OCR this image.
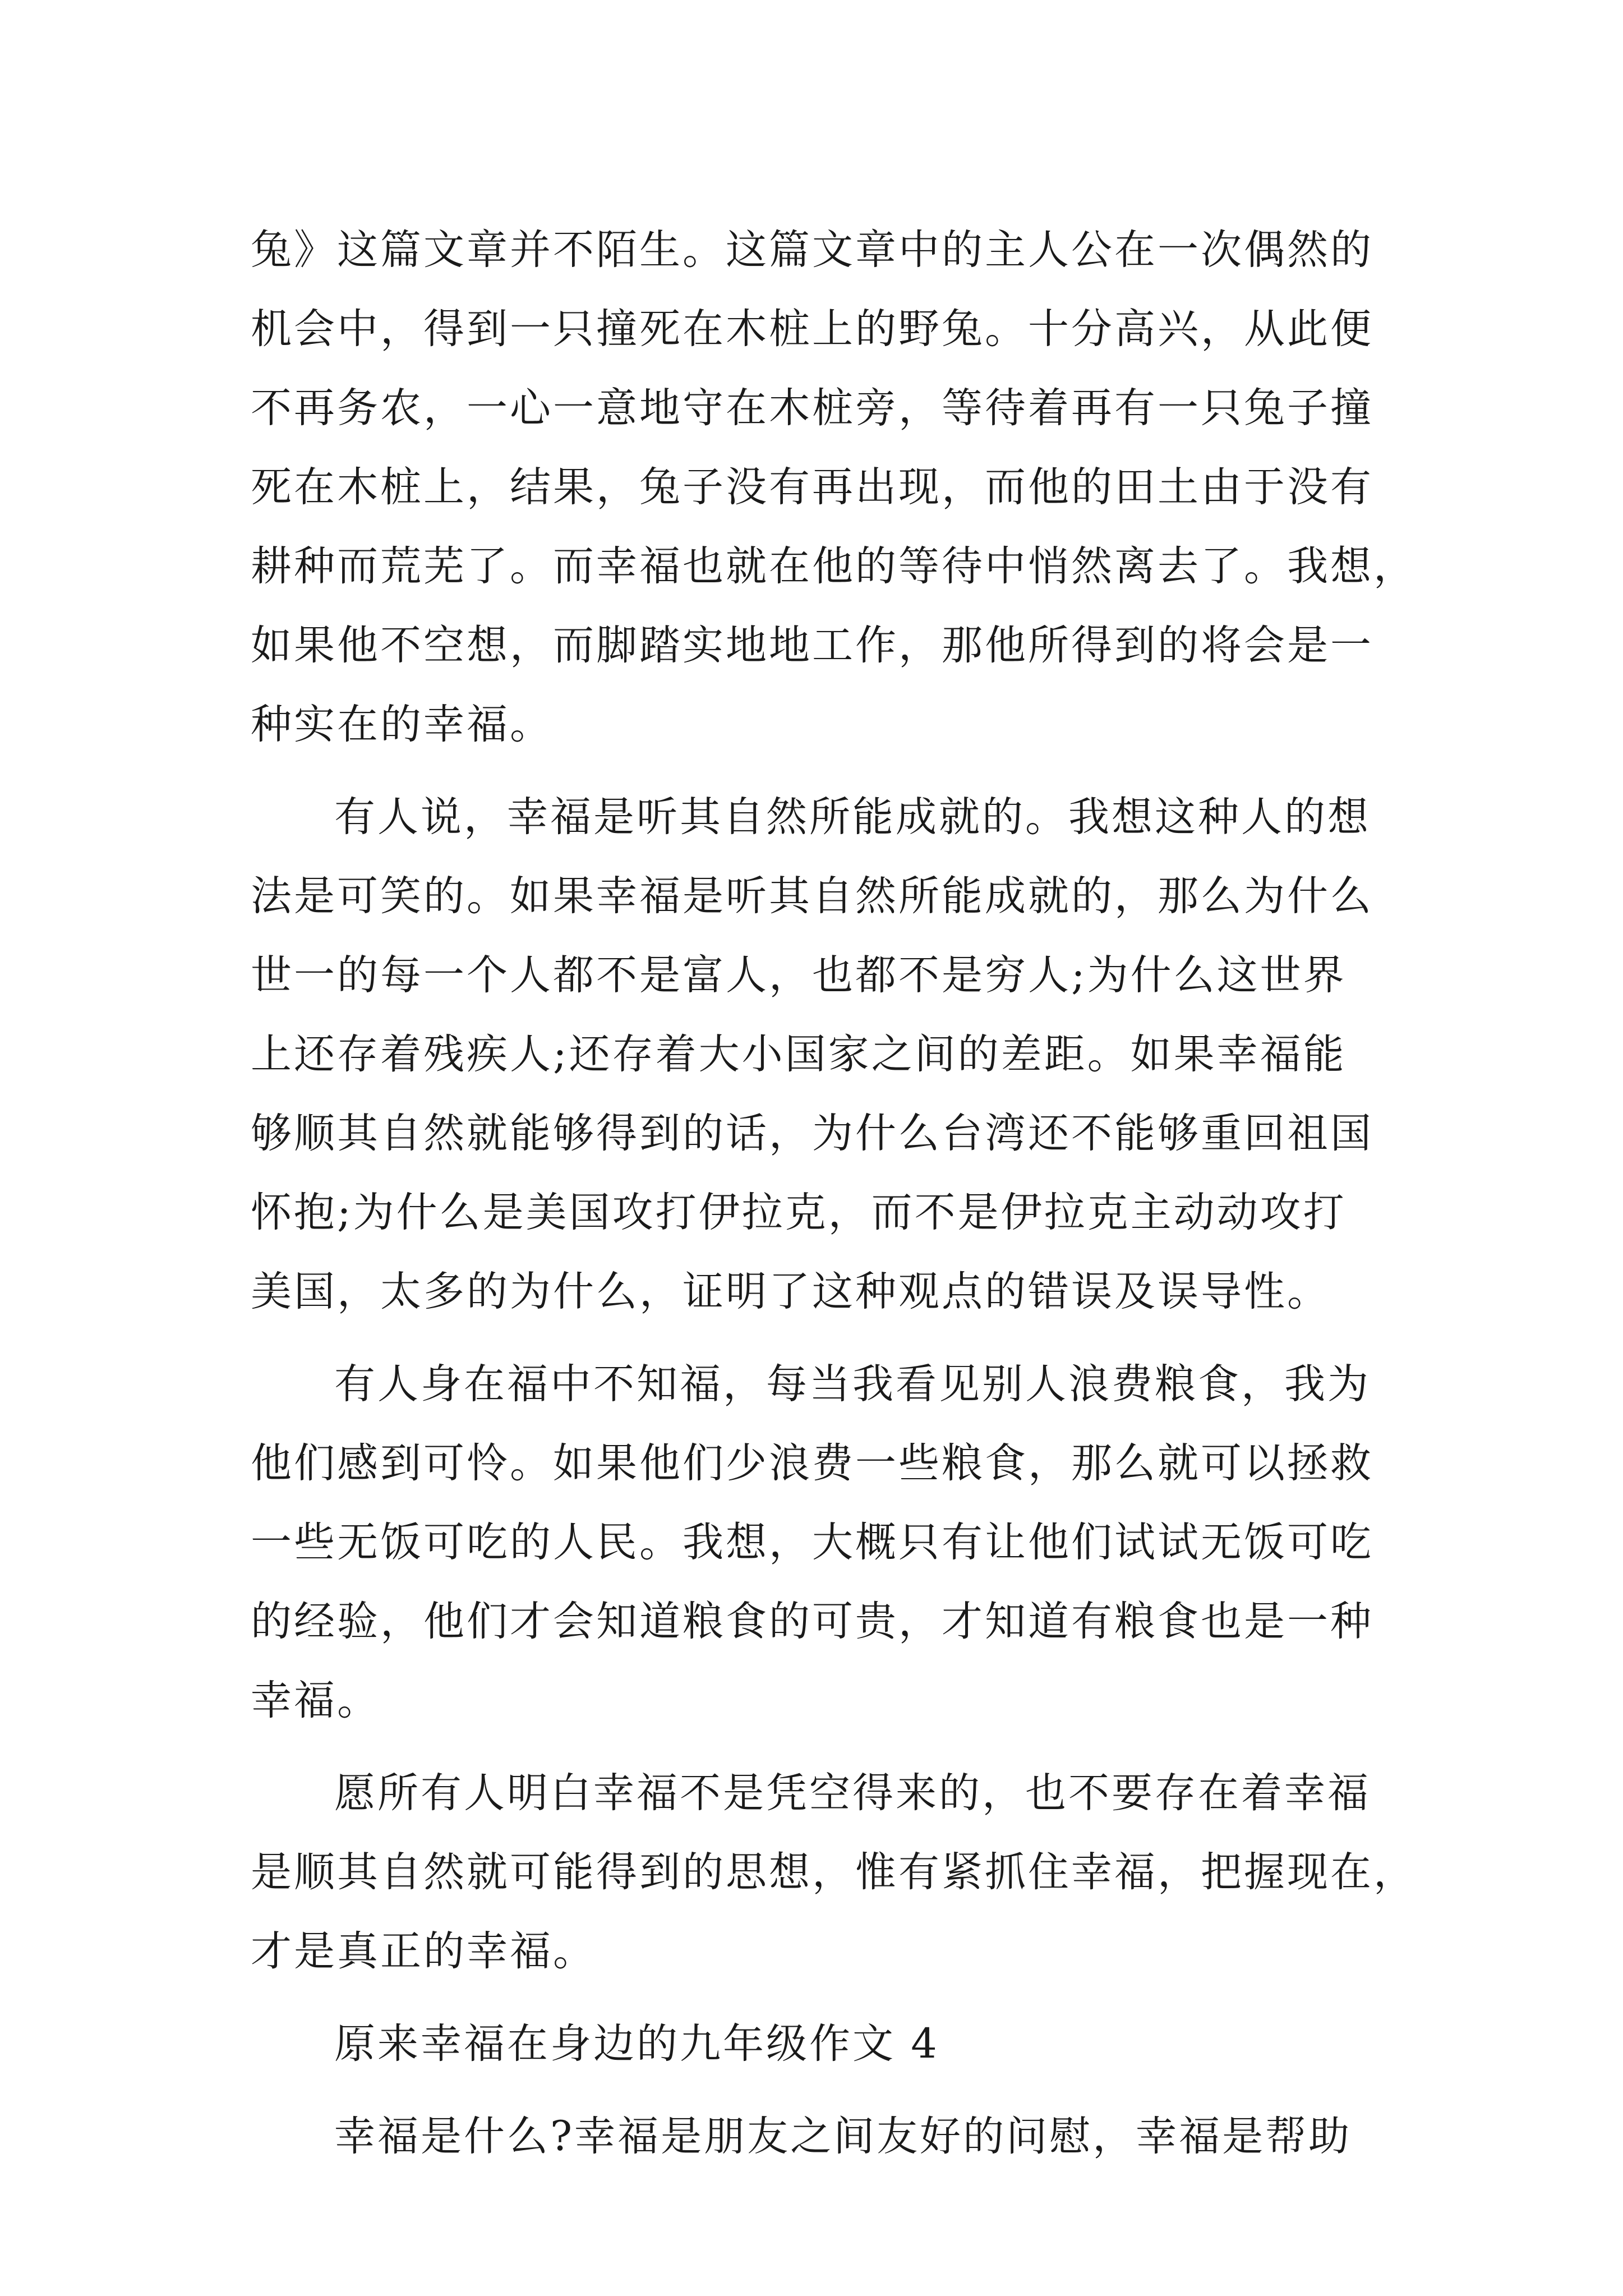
兔》这篇文章并不陌生。这篇文章中的主人公在一次偶然的
机会中，得到一只撞死在木桩上的野兔。十分高兴，从此便
不再务农，一心一意地守在木桩旁，等待着再有一只兔子撞
死在木桩上，结果，兔子没有再出现，而他的田土由于没有
耕种而荒芜了。而幸福也就在他的等待中悄然离去了。我想，
如果他不空想，而脚踏实地地工作，那他所得到的将会是一
种实在的幸福。
有人说，幸福是听其自然所能成就的。我想这种人的想
法是可笑的。如果幸福是听其自然所能成就的，那么为什么
世一的每一个人都不是富人，也都不是穷人;为什么这世界
上还存着残疾人;还存着大小国家之间的差距。如果幸福能
够顺其自然就能够得到的话，为什么台湾还不能够重回祖国
怀抱;为什么是美国攻打伊拉克，而不是伊拉克主动动攻打
美国，太多的为什么，证明了这种观点的错误及误导性。
有人身在福中不知福，每当我看见别人浪费粮食，我为
他们感到可怜。如果他们少浪费一些粮食，那么就可以拯救
一些无饭可吃的人民。我想，大概只有让他们试试无饭可吃
的经验，他们才会知道粮食的可贵，才知道有粮食也是一种
幸福。
愿所有人明白幸福不是凭空得来的，也不要存在着幸福
是顺其自然就可能得到的思想，惟有紧抓住幸福，把握现在，
才是真正的幸福。
原来幸福在身边的九年级作文 4
幸福是什么?幸福是朋友之间友好的问慰，幸福是帮助
